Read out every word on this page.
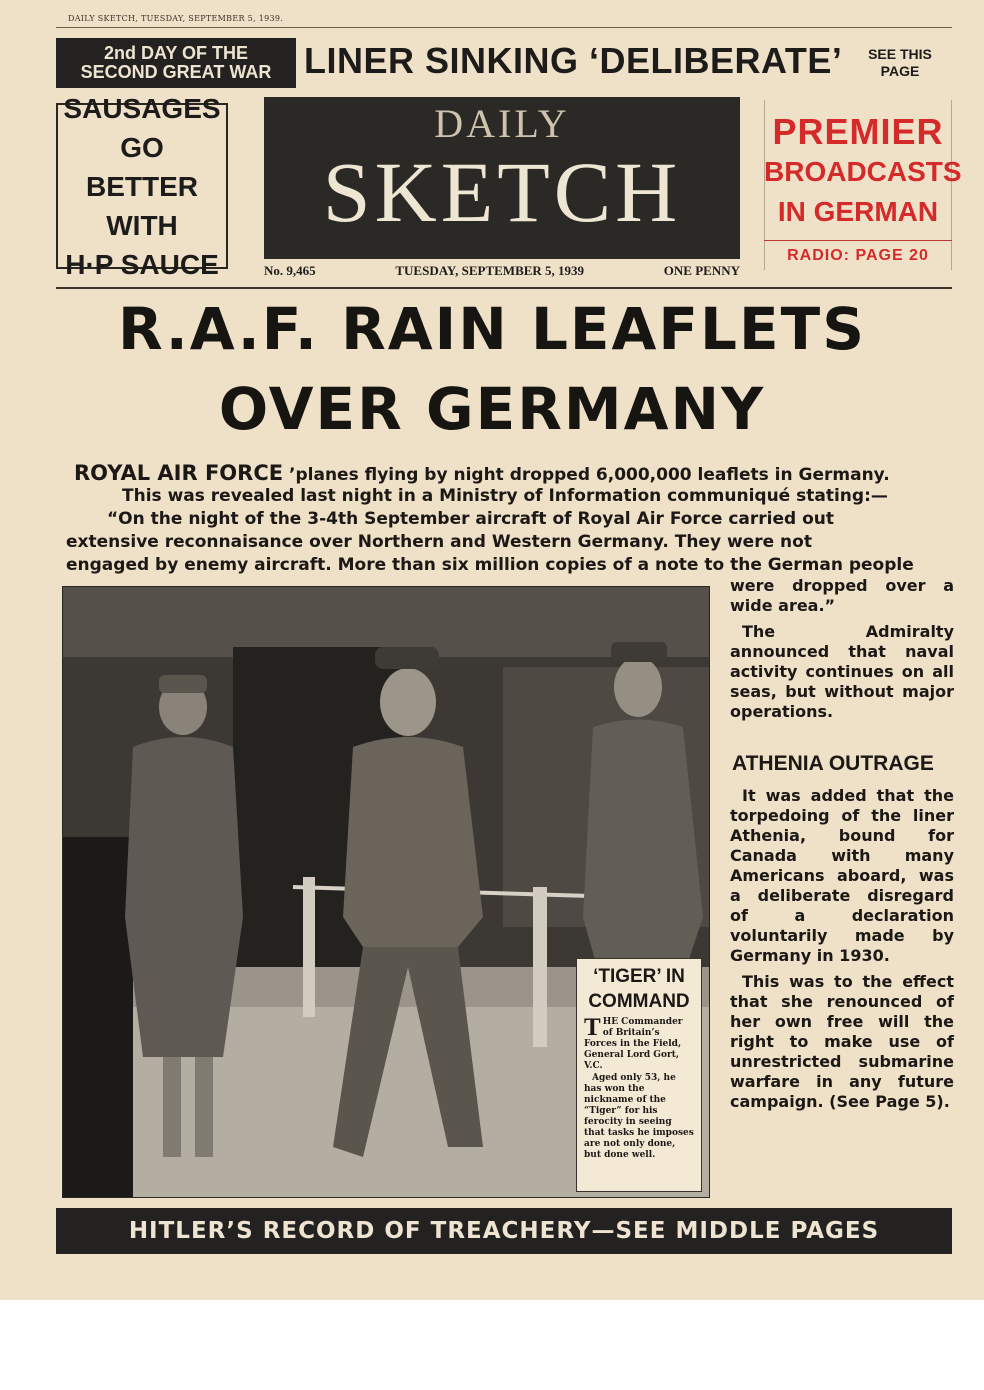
DAILY SKETCH, TUESDAY, SEPTEMBER 5, 1939.
2nd DAY OF THE
SECOND GREAT WAR LINER SINKING ‘DELIBERATE’	SEE THIS
PAGE
SAUSAGES GO
BETTER WITH
H·P SAUCE
DAILY
SKETCH
No. 9,465	TUESDAY, SEPTEMBER 5, 1939	ONE PENNY
PREMIER
BROADCASTS
IN GERMAN
RADIO: PAGE 20
R.A.F. RAIN LEAFLETS
OVER GERMANY
ROYAL AIR FORCE ’planes flying by night dropped 6,000,000 leaflets in Germany.
This was revealed last night in a Ministry of Information communiqué stating:—
“On the night of the 3-4th September aircraft of Royal Air Force carried out
extensive reconnaisance over Northern and Western Germany. They were not
engaged by enemy aircraft. More than six million copies of a note to the German people
‘TIGER’ IN
COMMAND

THE Commander of Britain’s Forces in the Field, General Lord Gort, V.C.

Aged only 53, he has won the nickname of the “Tiger” for his ferocity in seeing that tasks he imposes are not only done, but done well.

were dropped over a wide area.”

The Admiralty announced that naval activity continues on all seas, but without major operations.

ATHENIA OUTRAGE

It was added that the torpedoing of the liner Athenia, bound for Canada with many Americans aboard, was a deliberate disregard of a declaration voluntarily made by Germany in 1930.

This was to the effect that she renounced of her own free will the right to make use of unrestricted submarine warfare in any future campaign. (See Page 5).

HITLER’S RECORD OF TREACHERY—SEE MIDDLE PAGES
